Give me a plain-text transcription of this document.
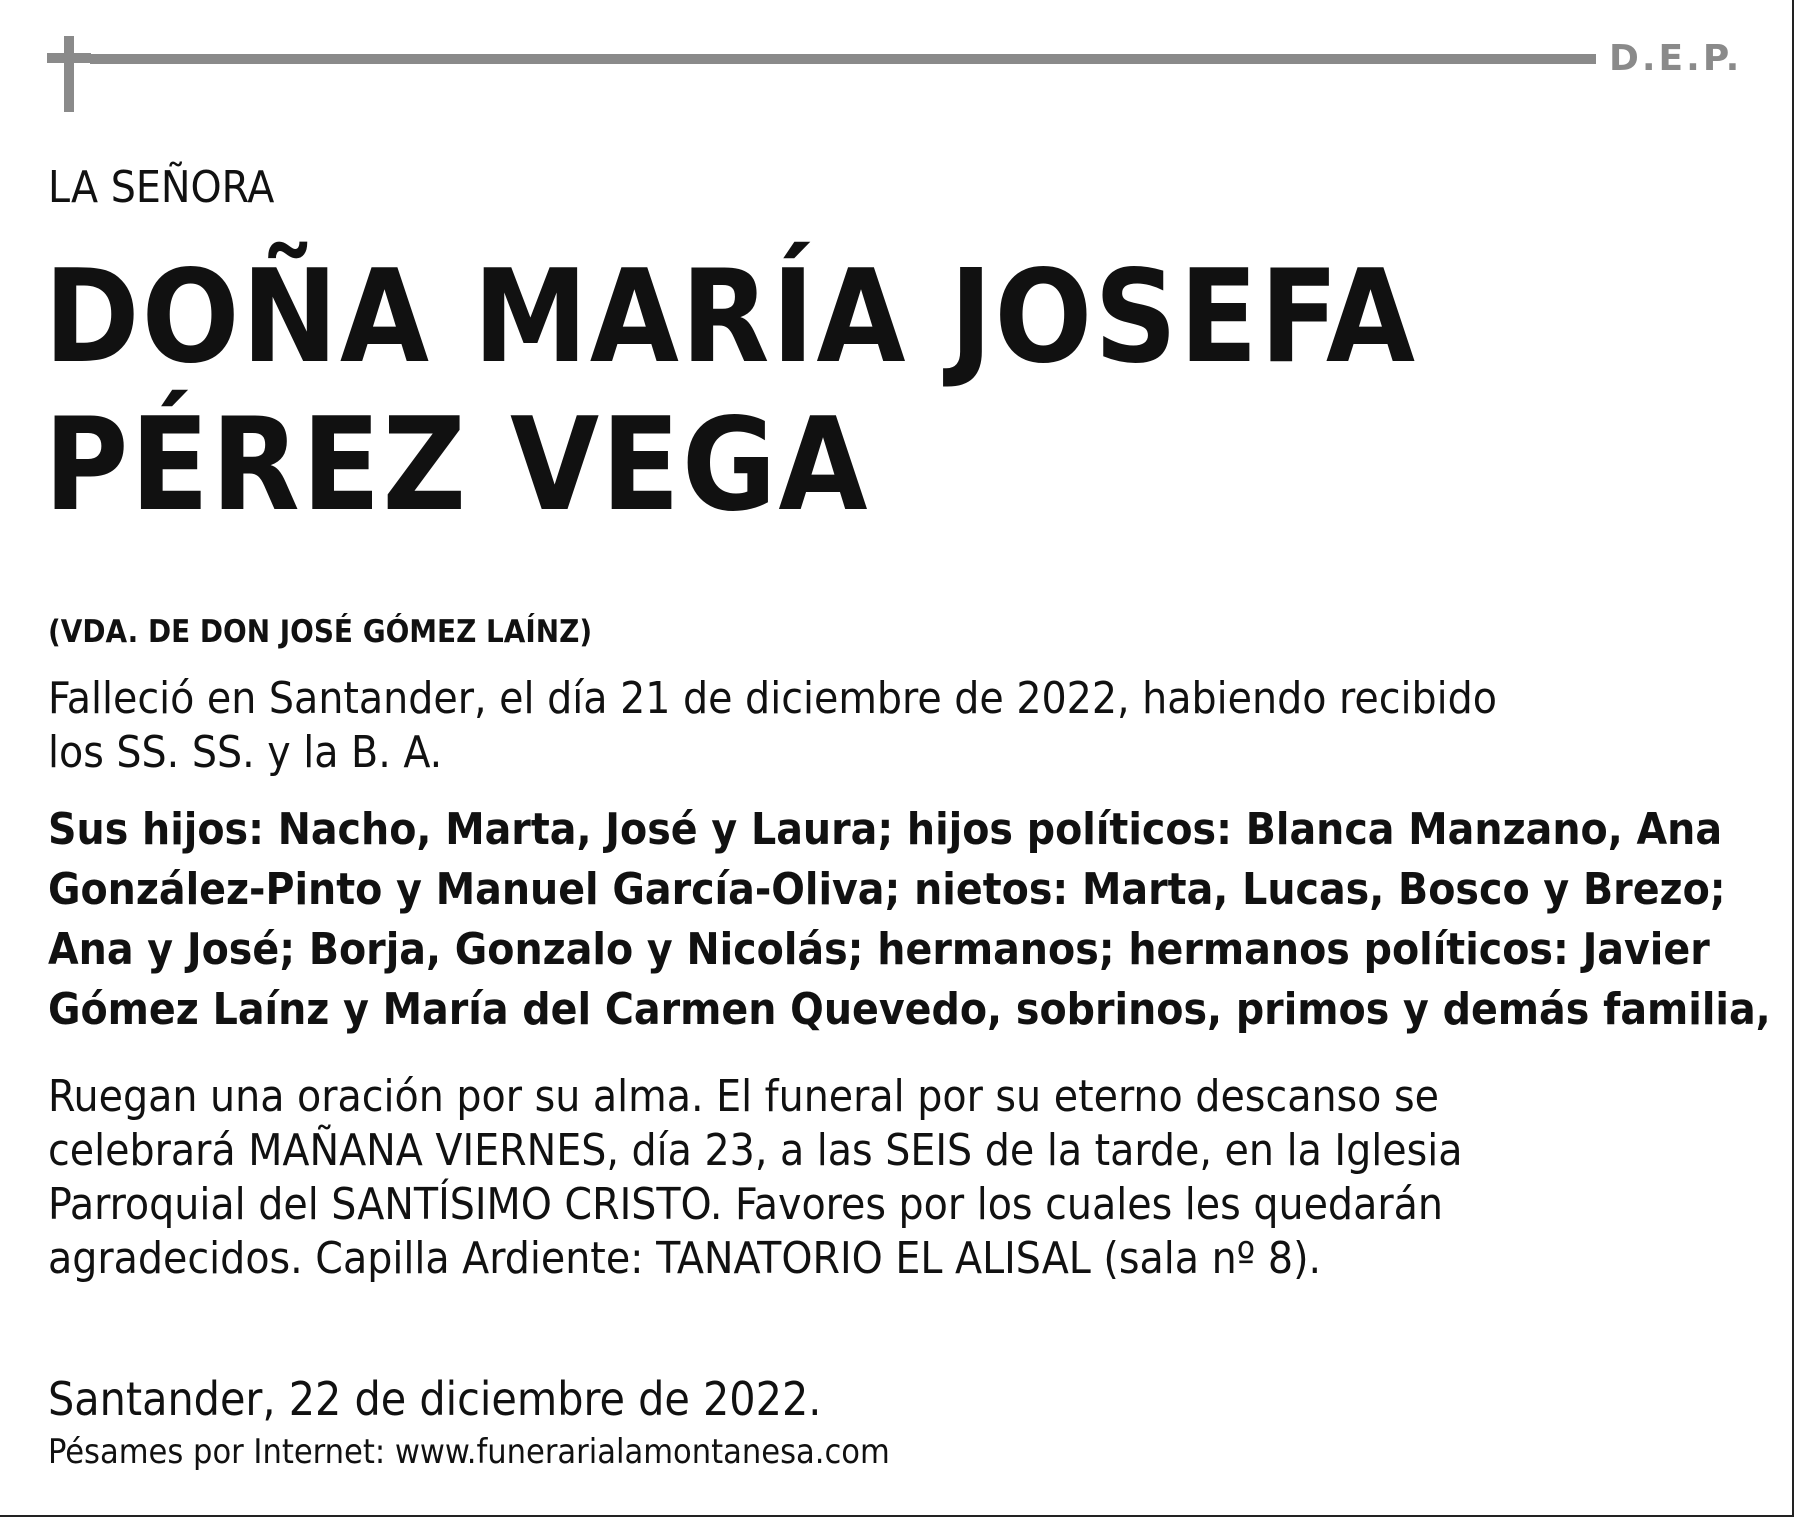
D.E.P.
LA SEÑORA
DOÑA MARÍA JOSEFA
PÉREZ VEGA
(VDA. DE DON JOSÉ GÓMEZ LAÍNZ)
Falleció en Santander, el día 21 de diciembre de 2022, habiendo recibido
los SS. SS. y la B. A.
Sus hijos: Nacho, Marta, José y Laura; hijos políticos: Blanca Manzano, Ana
González-Pinto y Manuel García-Oliva; nietos: Marta, Lucas, Bosco y Brezo;
Ana y José; Borja, Gonzalo y Nicolás; hermanos; hermanos políticos: Javier
Gómez Laínz y María del Carmen Quevedo, sobrinos, primos y demás familia,
Ruegan una oración por su alma. El funeral por su eterno descanso se
celebrará MAÑANA VIERNES, día 23, a las SEIS de la tarde, en la Iglesia
Parroquial del SANTÍSIMO CRISTO. Favores por los cuales les quedarán
agradecidos. Capilla Ardiente: TANATORIO EL ALISAL (sala nº 8).
Santander, 22 de diciembre de 2022.
Pésames por Internet: www.funerarialamontanesa.com
